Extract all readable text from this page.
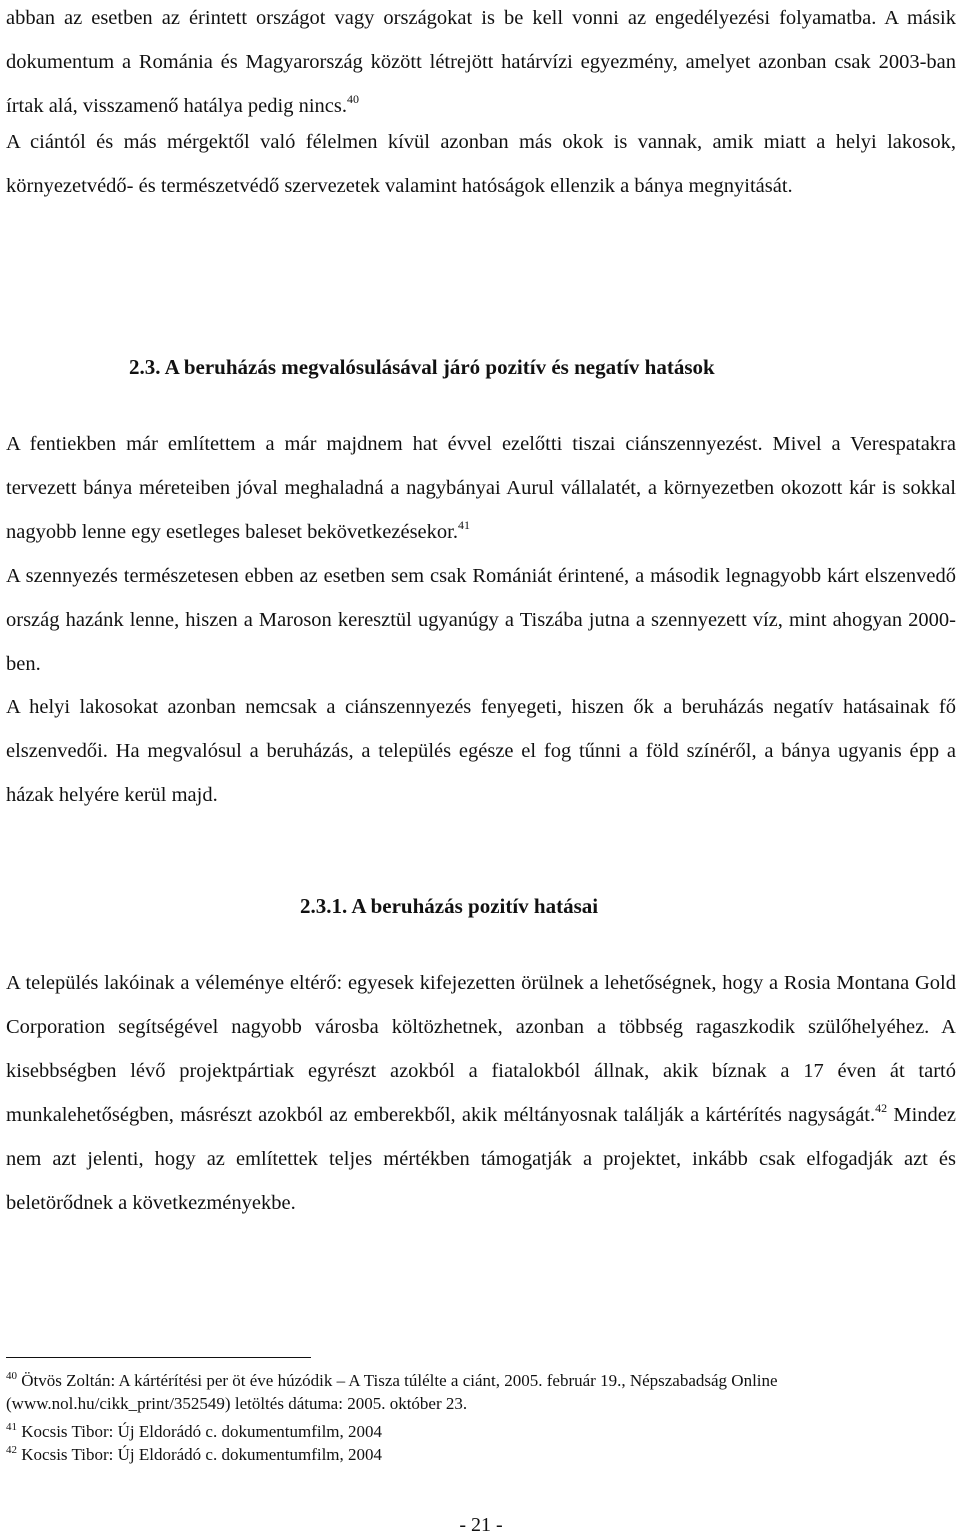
abban az esetben az érintett országot vagy országokat is be kell vonni az engedélyezési folyamatba. A másik dokumentum a Románia és Magyarország között létrejött határvízi egyezmény, amelyet azonban csak 2003-ban írtak alá, visszamenő hatálya pedig nincs.$^{40}$

A ciántól és más mérgektől való félelmen kívül azonban más okok is vannak, amik miatt a helyi lakosok, környezetvédő- és természetvédő szervezetek valamint hatóságok ellenzik a bánya megnyitását.

2.3. A beruházás megvalósulásával járó pozitív és negatív hatások

A fentiekben már említettem a már majdnem hat évvel ezelőtti tiszai ciánszennyezést. Mivel a Verespatakra tervezett bánya méreteiben jóval meghaladná a nagybányai Aurul vállalatét, a környezetben okozott kár is sokkal nagyobb lenne egy esetleges baleset bekövetkezésekor.$^{41}$

A szennyezés természetesen ebben az esetben sem csak Romániát érintené, a második legnagyobb kárt elszenvedő ország hazánk lenne, hiszen a Maroson keresztül ugyanúgy a Tiszába jutna a szennyezett víz, mint ahogyan 2000-ben.

A helyi lakosokat azonban nemcsak a ciánszennyezés fenyegeti, hiszen ők a beruházás negatív hatásainak fő elszenvedői. Ha megvalósul a beruházás, a település egésze el fog tűnni a föld színéről, a bánya ugyanis épp a házak helyére kerül majd.

2.3.1. A beruházás pozitív hatásai

A település lakóinak a véleménye eltérő: egyesek kifejezetten örülnek a lehetőségnek, hogy a Rosia Montana Gold Corporation segítségével nagyobb városba költözhetnek, azonban a többség ragaszkodik szülőhelyéhez. A kisebbségben lévő projektpártiak egyrészt azokból a fiatalokból állnak, akik bíznak a 17 éven át tartó munkalehetőségben, másrészt azokból az emberekből, akik méltányosnak találják a kártérítés nagyságát.$^{42}$ Mindez nem azt jelenti, hogy az említettek teljes mértékben támogatják a projektet, inkább csak elfogadják azt és beletörődnek a következményekbe.

$^{40}$ Ötvös Zoltán: A kártérítési per öt éve húzódik – A Tisza túlélte a ciánt, 2005. február 19., Népszabadság Online (www.nol.hu/cikk_print/352549) letöltés dátuma: 2005. október 23.

$^{41}$ Kocsis Tibor: Új Eldorádó c. dokumentumfilm, 2004

$^{42}$ Kocsis Tibor: Új Eldorádó c. dokumentumfilm, 2004

- 21 -
